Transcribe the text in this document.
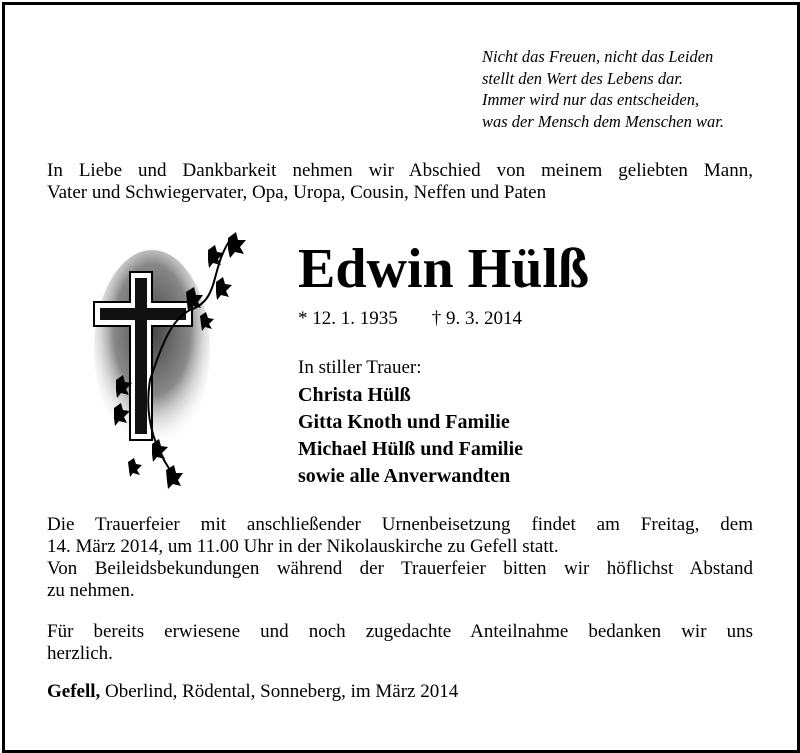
Nicht das Freuen, nicht das Leiden
stellt den Wert des Lebens dar.
Immer wird nur das entscheiden,
was der Mensch dem Menschen war.
In Liebe und Dankbarkeit nehmen wir Abschied von meinem geliebten Mann,
Vater und Schwiegervater, Opa, Uropa, Cousin, Neffen und Paten
Edwin Hülß
* 12. 1. 1935 † 9. 3. 2014
In stiller Trauer:
Christa Hülß
Gitta Knoth und Familie
Michael Hülß und Familie
sowie alle Anverwandten
Die Trauerfeier mit anschließender Urnenbeisetzung findet am Freitag, dem
14. März 2014, um 11.00 Uhr in der Nikolauskirche zu Gefell statt.
Von Beileidsbekundungen während der Trauerfeier bitten wir höflichst Abstand
zu nehmen.
Für bereits erwiesene und noch zugedachte Anteilnahme bedanken wir uns
herzlich.
Gefell, Oberlind, Rödental, Sonneberg, im März 2014
